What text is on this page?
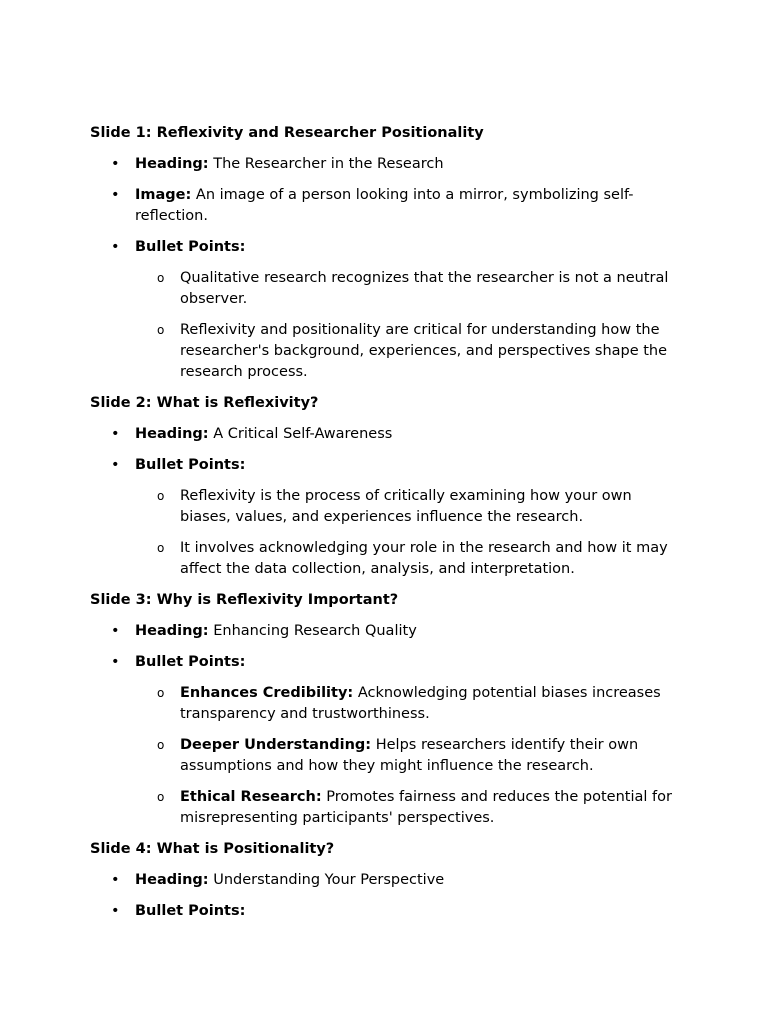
Slide 1: Reflexivity and Researcher Positionality
• Heading: The Researcher in the Research
• Image: An image of a person looking into a mirror, symbolizing self-reflection.
• Bullet Points:
o Qualitative research recognizes that the researcher is not a neutral observer.
o Reflexivity and positionality are critical for understanding how the researcher's background, experiences, and perspectives shape the research process.
Slide 2: What is Reflexivity?
• Heading: A Critical Self-Awareness
• Bullet Points:
o Reflexivity is the process of critically examining how your own biases, values, and experiences influence the research.
o It involves acknowledging your role in the research and how it may affect the data collection, analysis, and interpretation.
Slide 3: Why is Reflexivity Important?
• Heading: Enhancing Research Quality
• Bullet Points:
o Enhances Credibility: Acknowledging potential biases increases transparency and trustworthiness.
o Deeper Understanding: Helps researchers identify their own assumptions and how they might influence the research.
o Ethical Research: Promotes fairness and reduces the potential for misrepresenting participants' perspectives.
Slide 4: What is Positionality?
• Heading: Understanding Your Perspective
• Bullet Points:
